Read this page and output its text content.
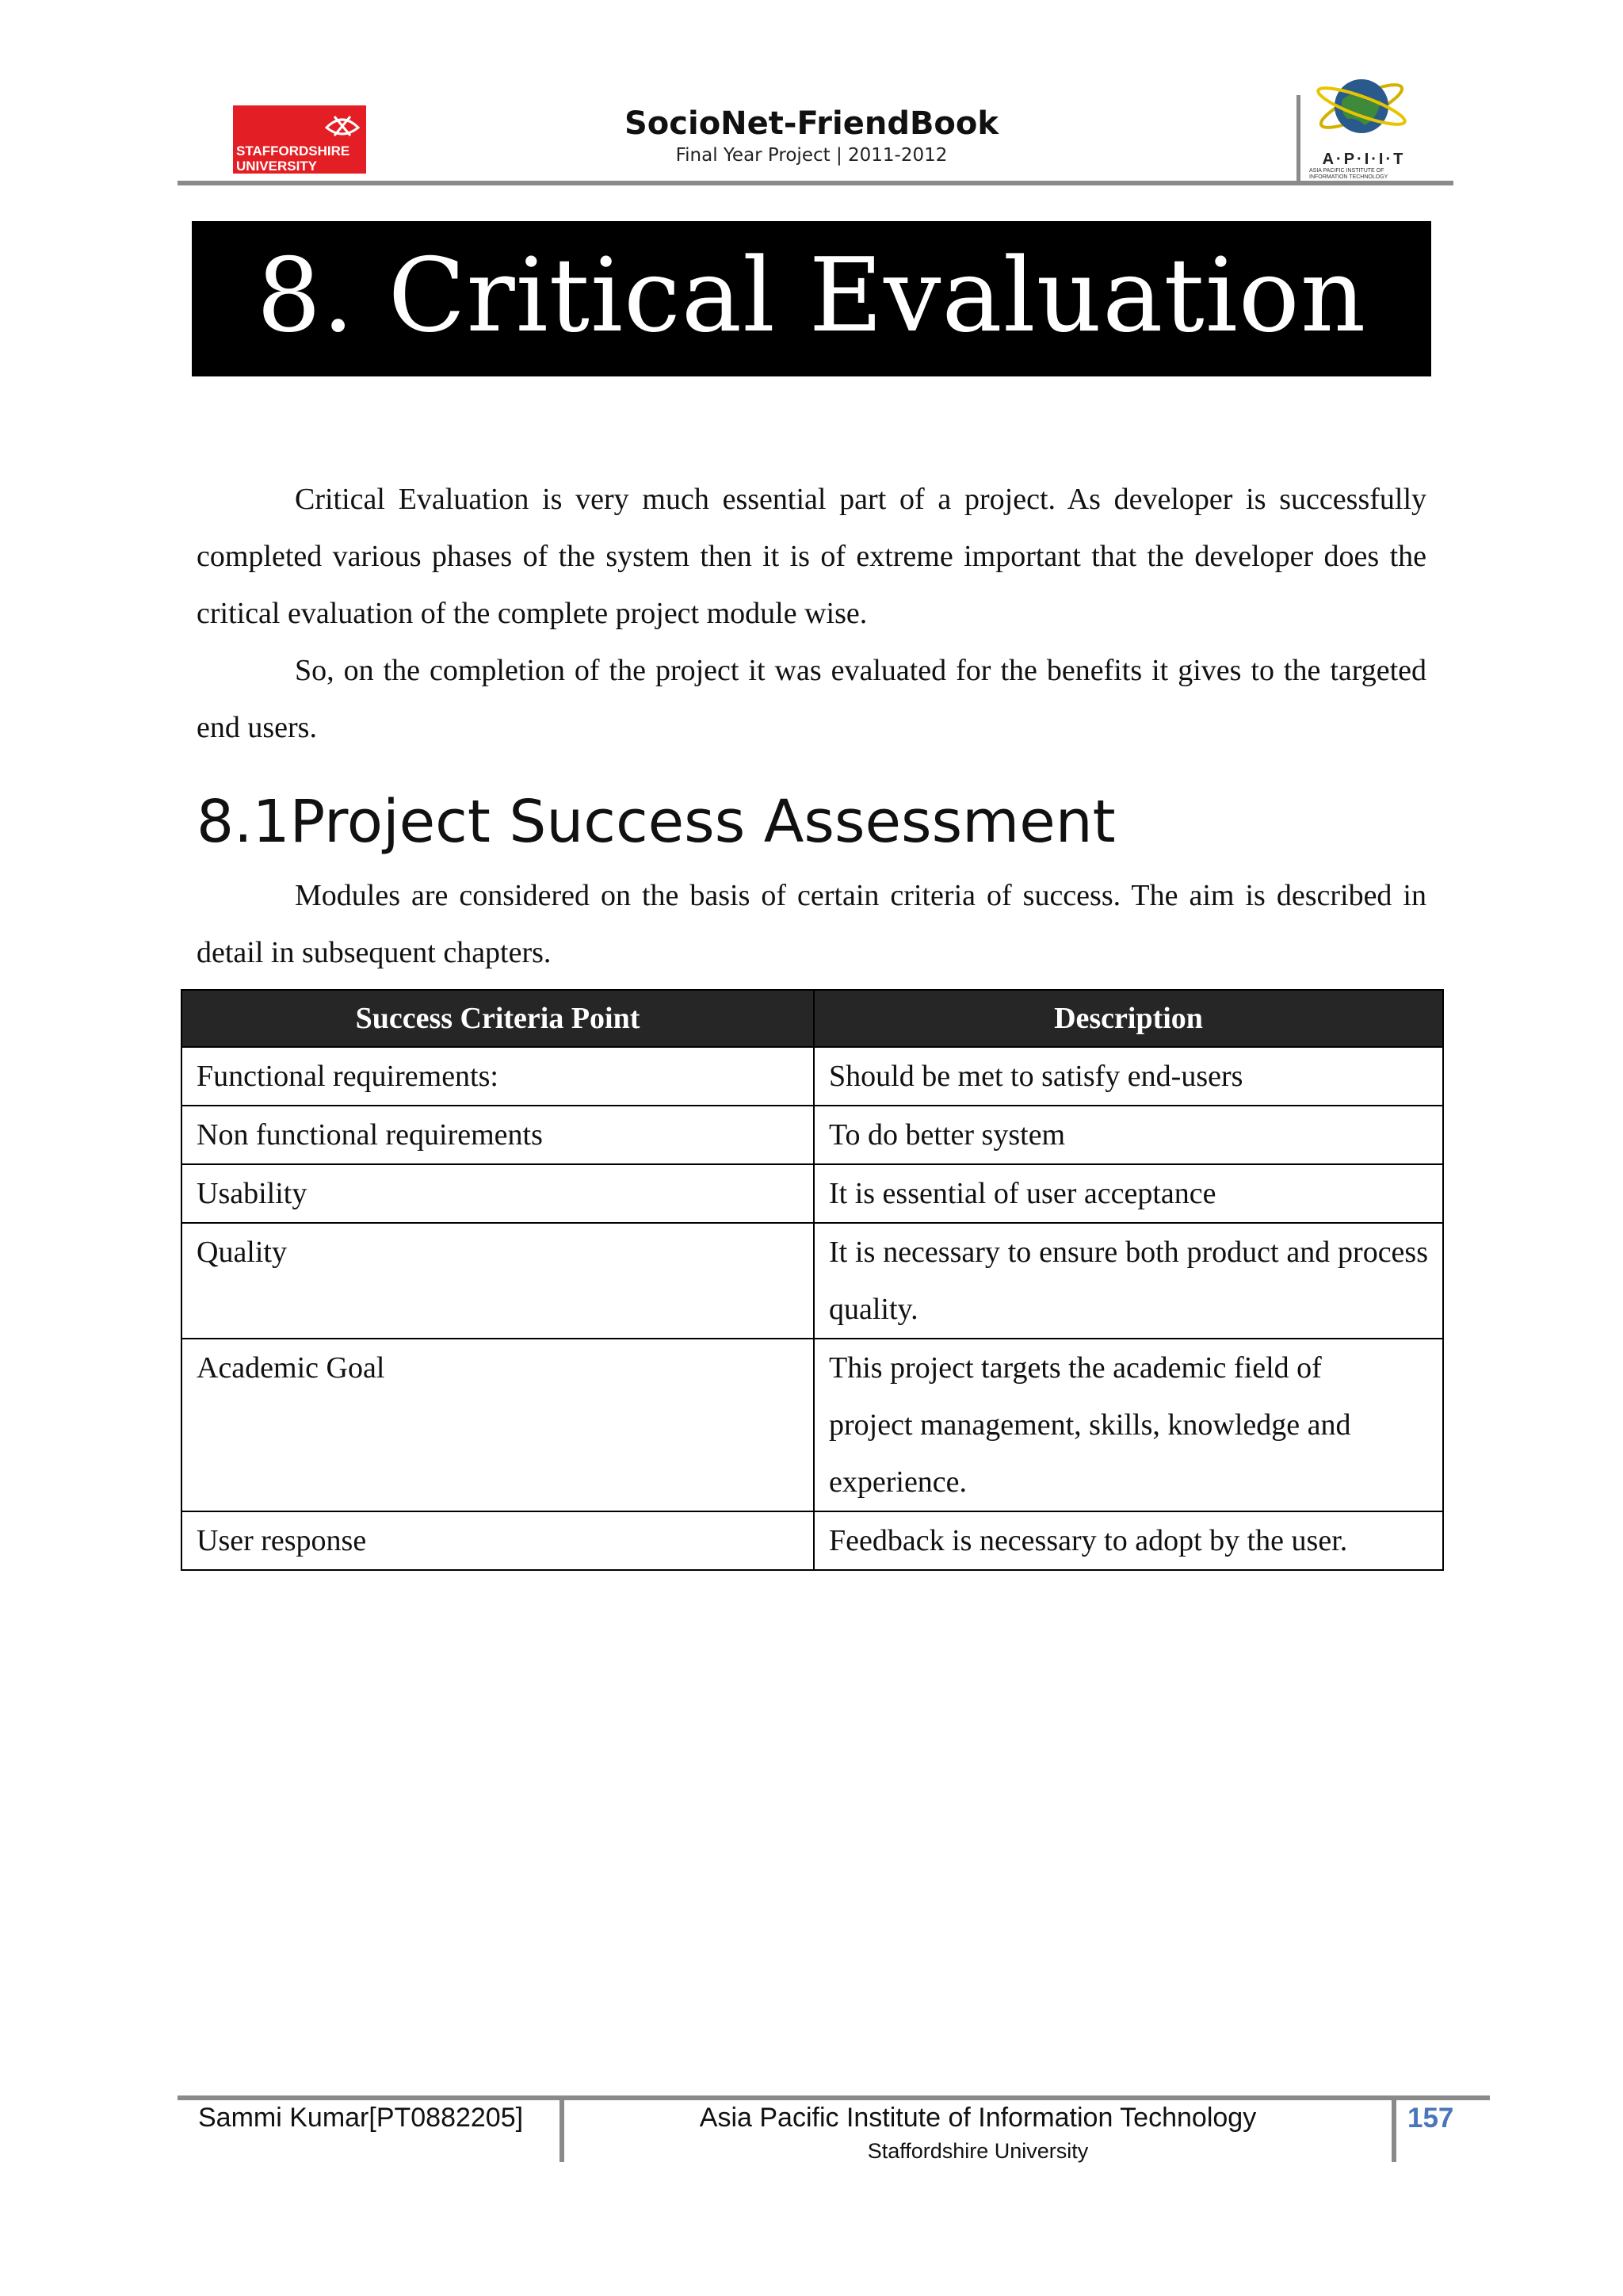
STAFFORDSHIRE
UNIVERSITY
SocioNet-FriendBook
Final Year Project | 2011-2012	A·P·I·I·T
ASIA PACIFIC INSTITUTE OF INFORMATION TECHNOLOGY
8. Critical Evaluation
Critical Evaluation is very much essential part of a project. As developer is successfully completed various phases of the system then it is of extreme important that the developer does the critical evaluation of the complete project module wise.
So, on the completion of the project it was evaluated for the benefits it gives to the targeted end users.
8.1Project Success Assessment
Modules are considered on the basis of certain criteria of success. The aim is described in detail in subsequent chapters.
Success Criteria Point	Description
Functional requirements:	Should be met to satisfy end-users
Non functional requirements	To do better system
Usability	It is essential of user acceptance
Quality	It is necessary to ensure both product and process quality.
Academic Goal	This project targets the academic field of project management, skills, knowledge and experience.
User response	Feedback is necessary to adopt by the user.
Sammi Kumar[PT0882205]	Asia Pacific Institute of Information Technology
Staffordshire University
157
